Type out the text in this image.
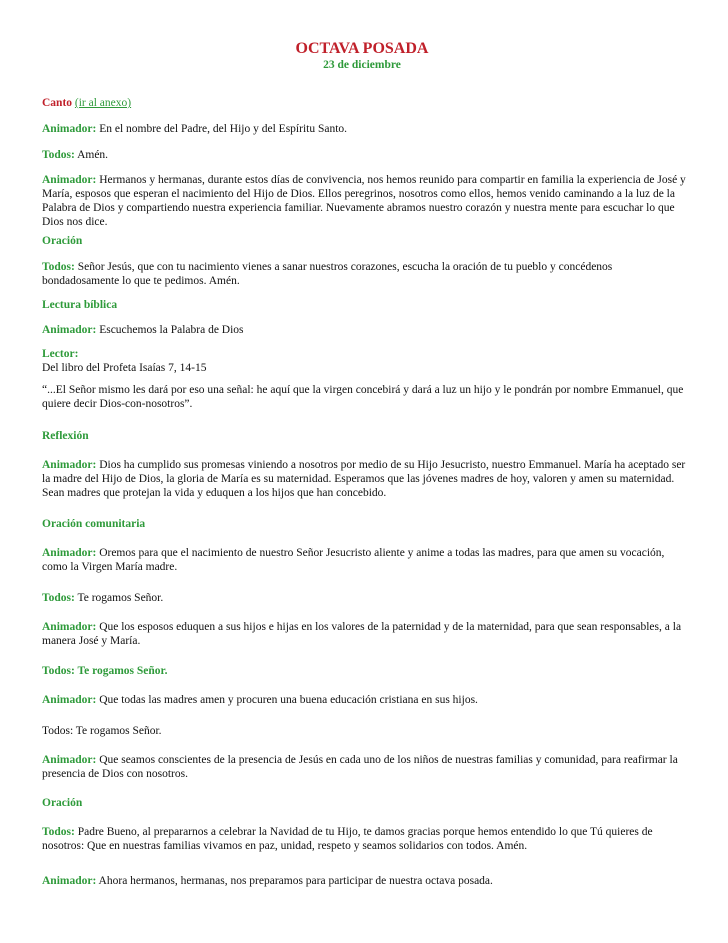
OCTAVA POSADA
23 de diciembre

Canto (ir al anexo)

Animador: En el nombre del Padre, del Hijo y del Espíritu Santo.

Todos: Amén.

Animador: Hermanos y hermanas, durante estos días de convivencia, nos hemos reunido para compartir en familia la experiencia de José y María, esposos que esperan el nacimiento del Hijo de Dios. Ellos peregrinos, nosotros como ellos, hemos venido caminando a la luz de la Palabra de Dios y compartiendo nuestra experiencia familiar. Nuevamente abramos nuestro corazón y nuestra mente para escuchar lo que Dios nos dice.

Oración

Todos: Señor Jesús, que con tu nacimiento vienes a sanar nuestros corazones, escucha la oración de tu pueblo y concédenos bondadosamente lo que te pedimos. Amén.

Lectura bíblica

Animador: Escuchemos la Palabra de Dios

Lector:

Del libro del Profeta Isaías 7, 14-15

“...El Señor mismo les dará por eso una señal: he aquí que la virgen concebirá y dará a luz un hijo y le pondrán por nombre Emmanuel, que quiere decir Dios-con-nosotros”.

Reflexión

Animador: Dios ha cumplido sus promesas viniendo a nosotros por medio de su Hijo Jesucristo, nuestro Emmanuel. María ha aceptado ser la madre del Hijo de Dios, la gloria de María es su maternidad. Esperamos que las jóvenes madres de hoy, valoren y amen su maternidad. Sean madres que protejan la vida y eduquen a los hijos que han concebido.

Oración comunitaria

Animador: Oremos para que el nacimiento de nuestro Señor Jesucristo aliente y anime a todas las madres, para que amen su vocación, como la Virgen María madre.

Todos: Te rogamos Señor.

Animador: Que los esposos eduquen a sus hijos e hijas en los valores de la paternidad y de la maternidad, para que sean responsables, a la manera José y María.

Todos: Te rogamos Señor.

Animador: Que todas las madres amen y procuren una buena educación cristiana en sus hijos.

Todos: Te rogamos Señor.

Animador: Que seamos conscientes de la presencia de Jesús en cada uno de los niños de nuestras familias y comunidad, para reafirmar la presencia de Dios con nosotros.

Oración

Todos: Padre Bueno, al prepararnos a celebrar la Navidad de tu Hijo, te damos gracias porque hemos entendido lo que Tú quieres de nosotros: Que en nuestras familias vivamos en paz, unidad, respeto y seamos solidarios con todos. Amén.

Animador: Ahora hermanos, hermanas, nos preparamos para participar de nuestra octava posada.
